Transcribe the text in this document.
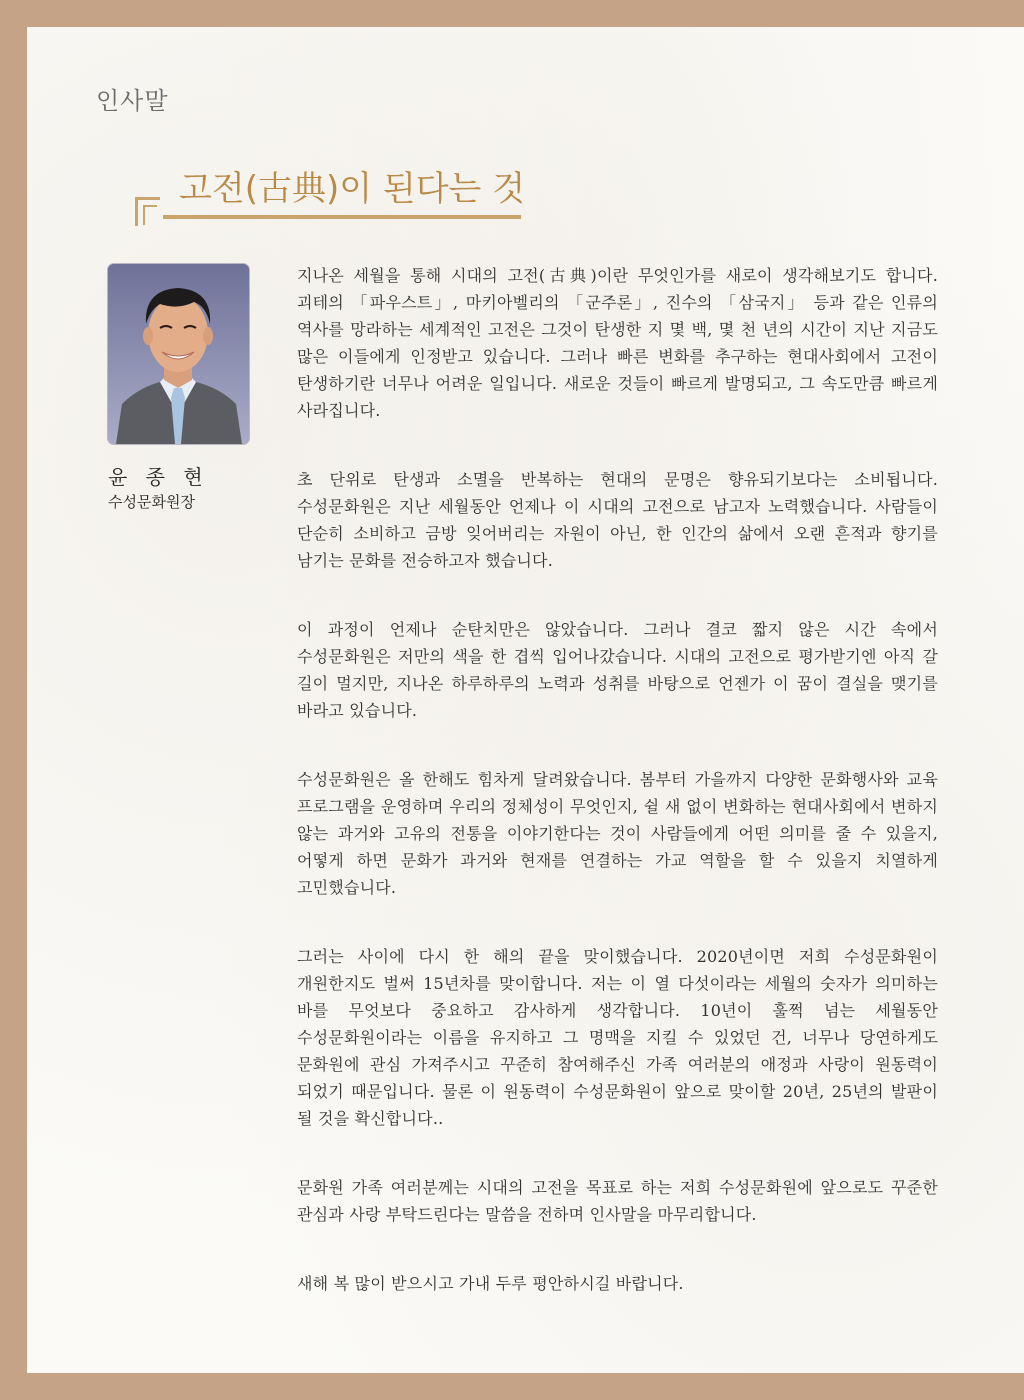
인사말
고전(古典)이 된다는 것
윤 종 현
수성문화원장

지나온 세월을 통해 시대의 고전(古典)이란 무엇인가를 새로이 생각해보기도 합니다. 괴테의 「파우스트」, 마키아벨리의 「군주론」, 진수의 「삼국지」 등과 같은 인류의 역사를 망라하는 세계적인 고전은 그것이 탄생한 지 몇 백, 몇 천 년의 시간이 지난 지금도 많은 이들에게 인정받고 있습니다. 그러나 빠른 변화를 추구하는 현대사회에서 고전이 탄생하기란 너무나 어려운 일입니다. 새로운 것들이 빠르게 발명되고, 그 속도만큼 빠르게 사라집니다.

초 단위로 탄생과 소멸을 반복하는 현대의 문명은 향유되기보다는 소비됩니다. 수성문화원은 지난 세월동안 언제나 이 시대의 고전으로 남고자 노력했습니다. 사람들이 단순히 소비하고 금방 잊어버리는 자원이 아닌, 한 인간의 삶에서 오랜 흔적과 향기를 남기는 문화를 전승하고자 했습니다.

이 과정이 언제나 순탄치만은 않았습니다. 그러나 결코 짧지 않은 시간 속에서 수성문화원은 저만의 색을 한 겹씩 입어나갔습니다. 시대의 고전으로 평가받기엔 아직 갈 길이 멀지만, 지나온 하루하루의 노력과 성취를 바탕으로 언젠가 이 꿈이 결실을 맺기를 바라고 있습니다.

수성문화원은 올 한해도 힘차게 달려왔습니다. 봄부터 가을까지 다양한 문화행사와 교육 프로그램을 운영하며 우리의 정체성이 무엇인지, 쉴 새 없이 변화하는 현대사회에서 변하지 않는 과거와 고유의 전통을 이야기한다는 것이 사람들에게 어떤 의미를 줄 수 있을지, 어떻게 하면 문화가 과거와 현재를 연결하는 가교 역할을 할 수 있을지 치열하게 고민했습니다.

그러는 사이에 다시 한 해의 끝을 맞이했습니다. 2020년이면 저희 수성문화원이 개원한지도 벌써 15년차를 맞이합니다. 저는 이 열 다섯이라는 세월의 숫자가 의미하는 바를 무엇보다 중요하고 감사하게 생각합니다. 10년이 훌쩍 넘는 세월동안 수성문화원이라는 이름을 유지하고 그 명맥을 지킬 수 있었던 건, 너무나 당연하게도 문화원에 관심 가져주시고 꾸준히 참여해주신 가족 여러분의 애정과 사랑이 원동력이 되었기 때문입니다. 물론 이 원동력이 수성문화원이 앞으로 맞이할 20년, 25년의 발판이 될 것을 확신합니다..

문화원 가족 여러분께는 시대의 고전을 목표로 하는 저희 수성문화원에 앞으로도 꾸준한 관심과 사랑 부탁드린다는 말씀을 전하며 인사말을 마무리합니다.

새해 복 많이 받으시고 가내 두루 평안하시길 바랍니다.
